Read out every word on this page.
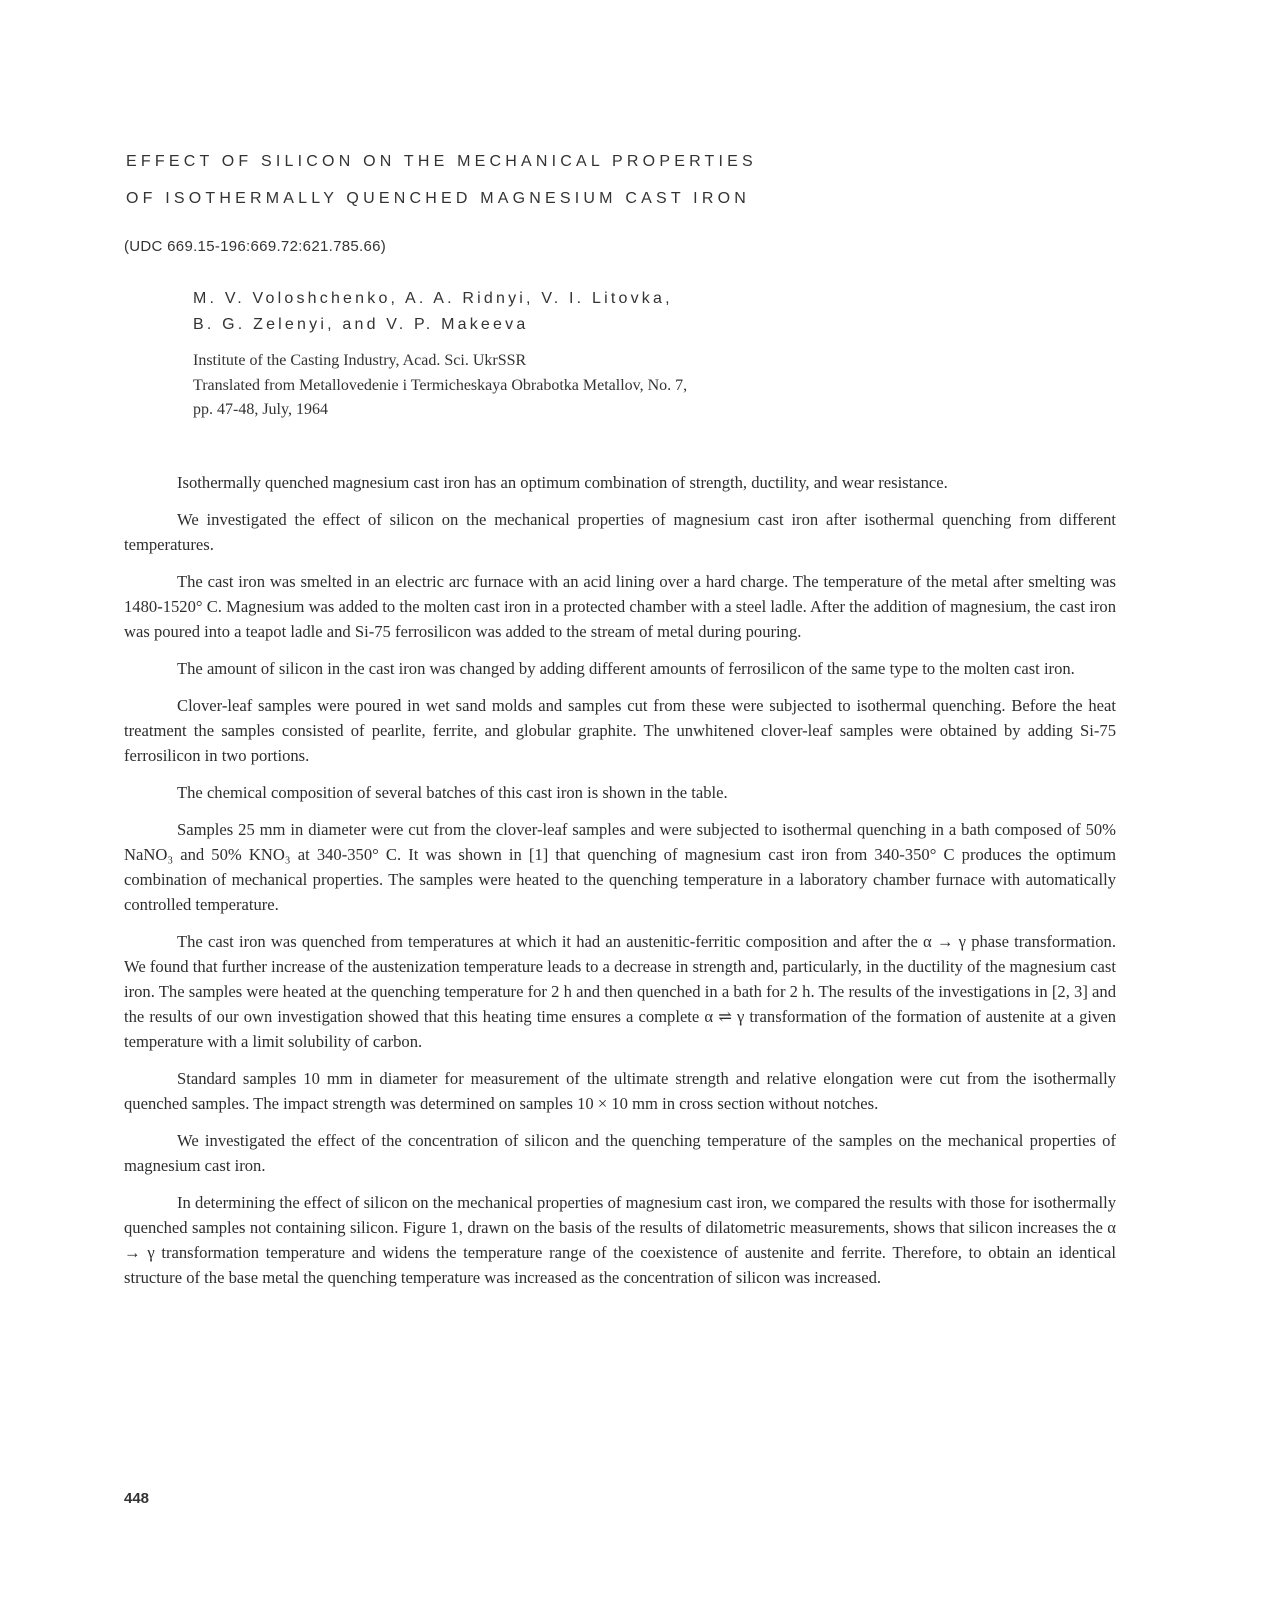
EFFECT OF SILICON ON THE MECHANICAL PROPERTIES
OF ISOTHERMALLY QUENCHED MAGNESIUM CAST IRON
(UDC 669.15-196:669.72:621.785.66)
M. V. Voloshchenko, A. A. Ridnyi, V. I. Litovka,
B. G. Zelenyi, and V. P. Makeeva
Institute of the Casting Industry, Acad. Sci. UkrSSR
Translated from Metallovedenie i Termicheskaya Obrabotka Metallov, No. 7,
pp. 47-48, July, 1964

Isothermally quenched magnesium cast iron has an optimum combination of strength, ductility, and wear resistance.

We investigated the effect of silicon on the mechanical properties of magnesium cast iron after isothermal quenching from different temperatures.

The cast iron was smelted in an electric arc furnace with an acid lining over a hard charge. The temperature of the metal after smelting was 1480-1520° C. Magnesium was added to the molten cast iron in a protected chamber with a steel ladle. After the addition of magnesium, the cast iron was poured into a teapot ladle and Si-75 ferrosilicon was added to the stream of metal during pouring.

The amount of silicon in the cast iron was changed by adding different amounts of ferrosilicon of the same type to the molten cast iron.

Clover-leaf samples were poured in wet sand molds and samples cut from these were subjected to isothermal quenching. Before the heat treatment the samples consisted of pearlite, ferrite, and globular graphite. The unwhitened clover-leaf samples were obtained by adding Si-75 ferrosilicon in two portions.

The chemical composition of several batches of this cast iron is shown in the table.

Samples 25 mm in diameter were cut from the clover-leaf samples and were subjected to isothermal quenching in a bath composed of 50% NaNO₃ and 50% KNO₃ at 340-350° C. It was shown in [1] that quenching of magnesium cast iron from 340-350° C produces the optimum combination of mechanical properties. The samples were heated to the quenching temperature in a laboratory chamber furnace with automatically controlled temperature.

The cast iron was quenched from temperatures at which it had an austenitic-ferritic composition and after the α → γ phase transformation. We found that further increase of the austenization temperature leads to a decrease in strength and, particularly, in the ductility of the magnesium cast iron. The samples were heated at the quenching temperature for 2 h and then quenched in a bath for 2 h. The results of the investigations in [2, 3] and the results of our own investigation showed that this heating time ensures a complete α ⇌ γ transformation of the formation of austenite at a given temperature with a limit solubility of carbon.

Standard samples 10 mm in diameter for measurement of the ultimate strength and relative elongation were cut from the isothermally quenched samples. The impact strength was determined on samples 10 × 10 mm in cross section without notches.

We investigated the effect of the concentration of silicon and the quenching temperature of the samples on the mechanical properties of magnesium cast iron.

In determining the effect of silicon on the mechanical properties of magnesium cast iron, we compared the results with those for isothermally quenched samples not containing silicon. Figure 1, drawn on the basis of the results of dilatometric measurements, shows that silicon increases the α → γ transformation temperature and widens the temperature range of the coexistence of austenite and ferrite. Therefore, to obtain an identical structure of the base metal the quenching temperature was increased as the concentration of silicon was increased.

448
